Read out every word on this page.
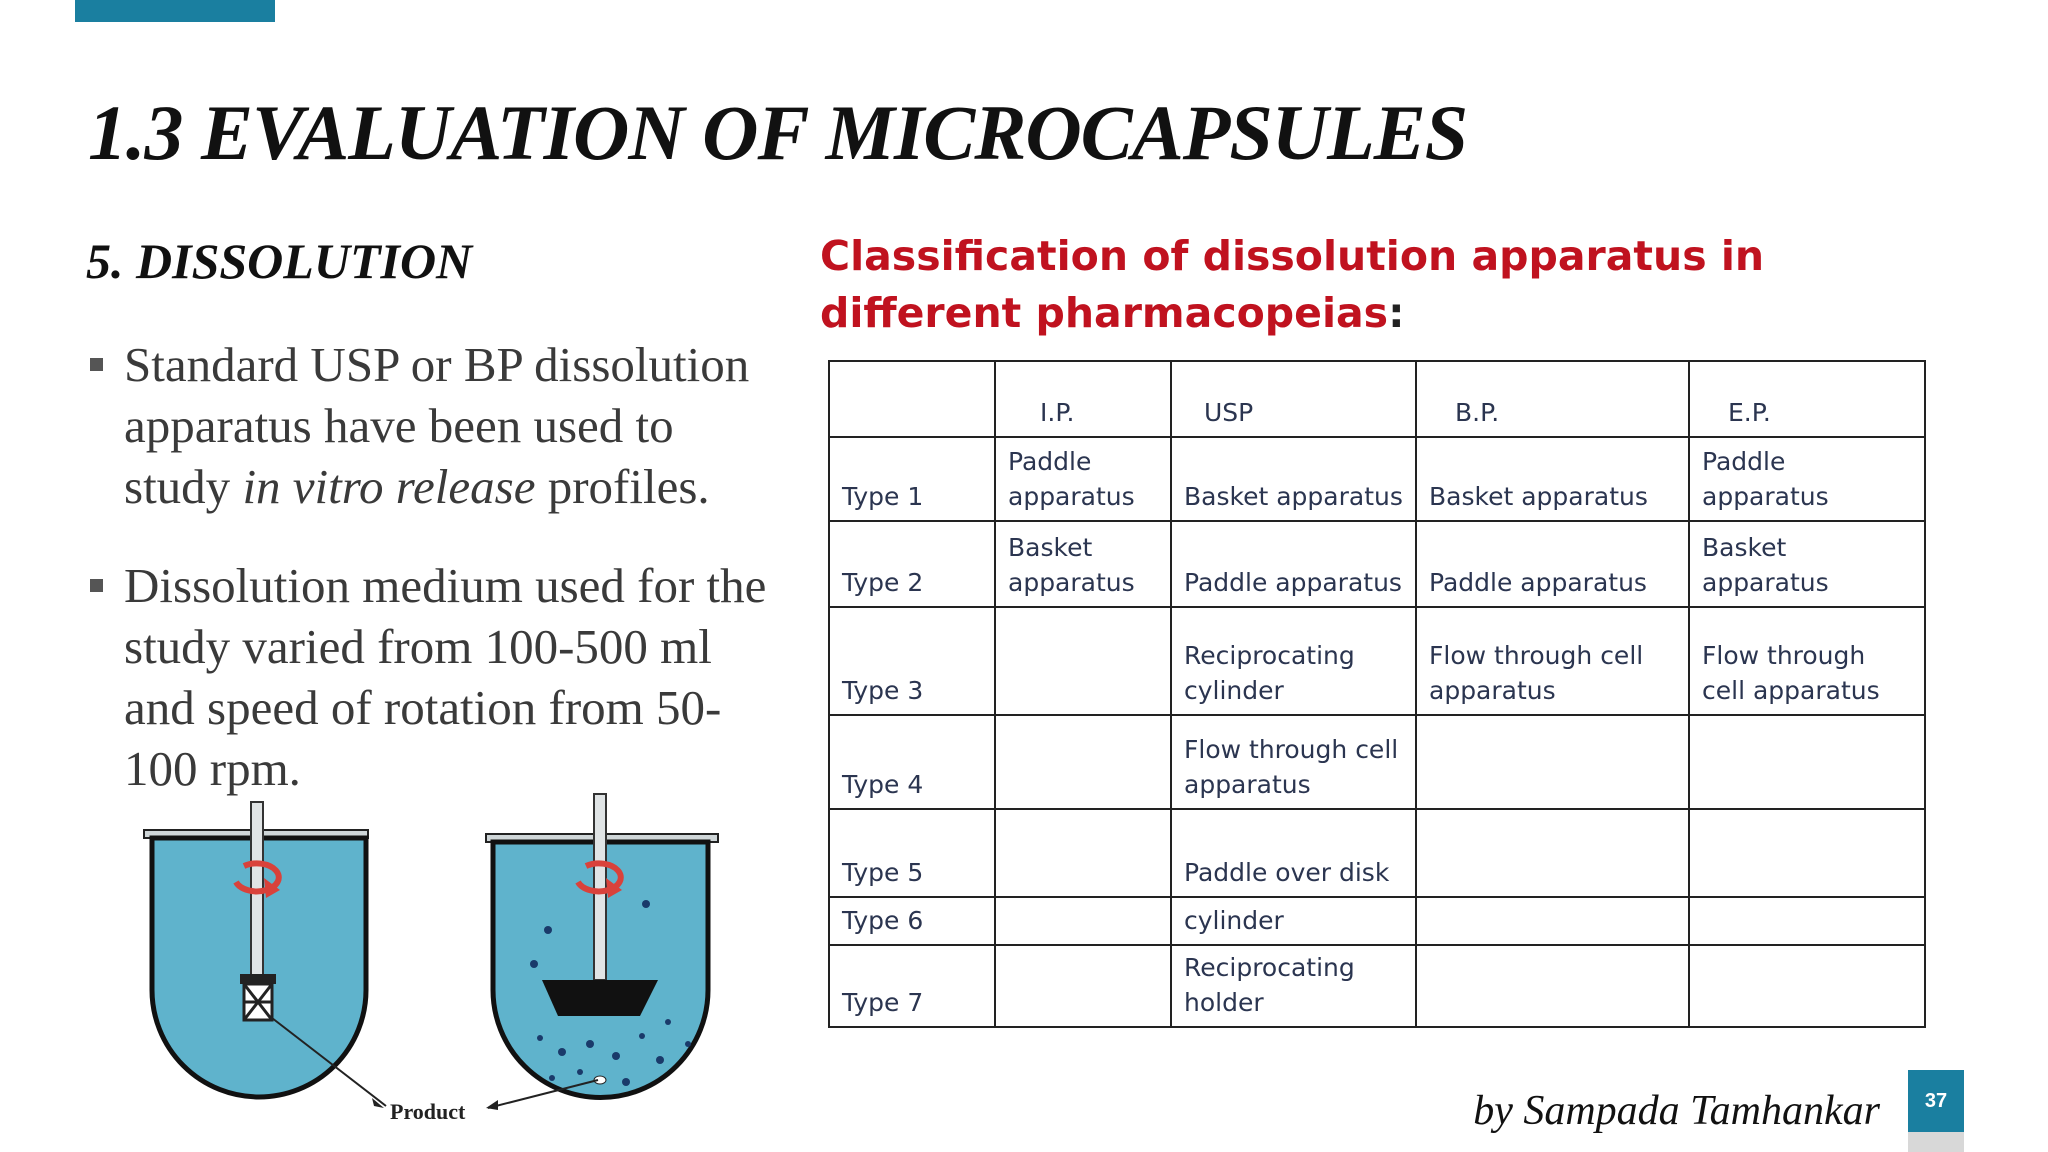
1.3 EVALUATION OF MICROCAPSULES
5. DISSOLUTION
Standard USP or BP dissolution apparatus have been used to study in vitro release profiles.
Dissolution medium used for the study varied from 100-500 ml and speed of rotation from 50-100 rpm.
Product
Classification of dissolution apparatus in different pharmacopeias:
	I.P.	USP	B.P.	E.P.
Type 1	Paddle apparatus	Basket apparatus	Basket apparatus	Paddle apparatus
Type 2	Basket apparatus	Paddle apparatus	Paddle apparatus	Basket apparatus
Type 3		Reciprocating cylinder	Flow through cell apparatus	Flow through cell apparatus
Type 4		Flow through cell apparatus		
Type 5		Paddle over disk		
Type 6		cylinder		
Type 7		Reciprocating holder		
by Sampada Tamhankar	37
